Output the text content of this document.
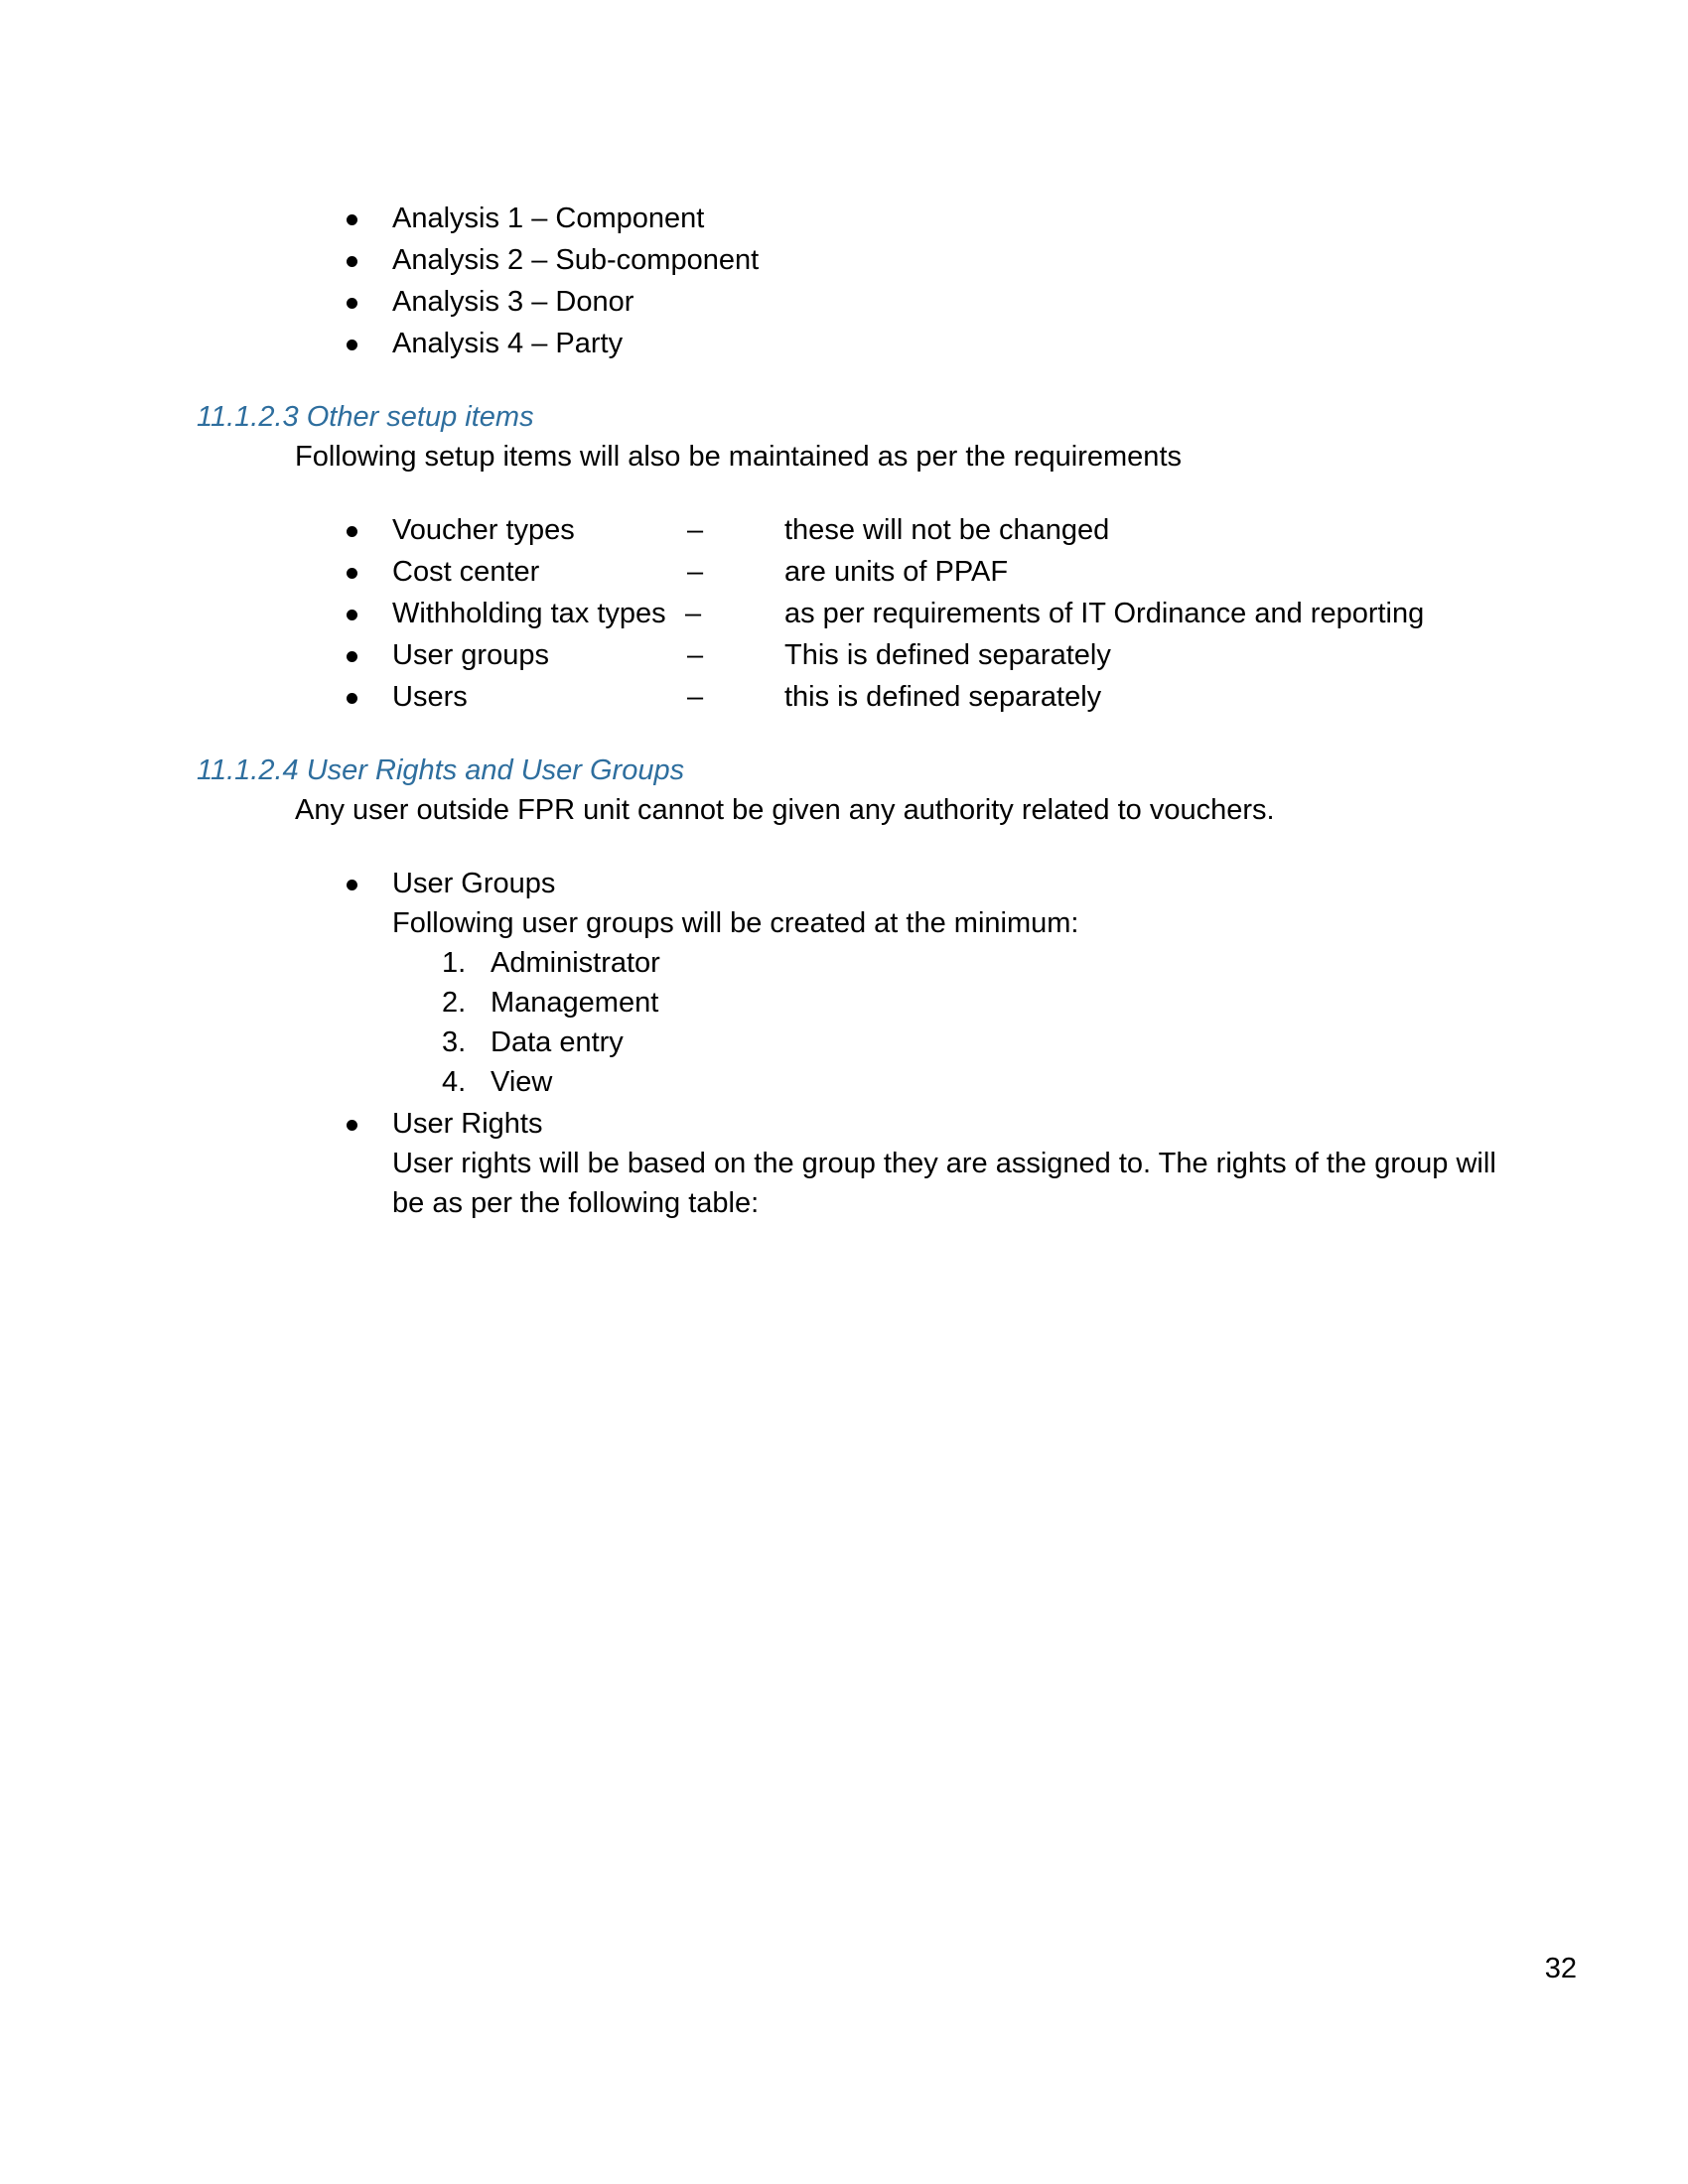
Analysis 1 – Component
Analysis 2 – Sub-component
Analysis 3 – Donor
Analysis 4 – Party
11.1.2.3 Other setup items
Following setup items will also be maintained as per the requirements
Voucher types	–	these will not be changed
Cost center	–	are units of PPAF
Withholding tax types –	as per requirements of IT Ordinance and reporting
User groups	–	This is defined separately
Users	–	this is defined separately
11.1.2.4 User Rights and User Groups
Any user outside FPR unit cannot be given any authority related to vouchers.
User Groups
Following user groups will be created at the minimum:
1. Administrator
2. Management
3. Data entry
4. View
User Rights
User rights will be based on the group they are assigned to. The rights of the group will
be as per the following table:
32
